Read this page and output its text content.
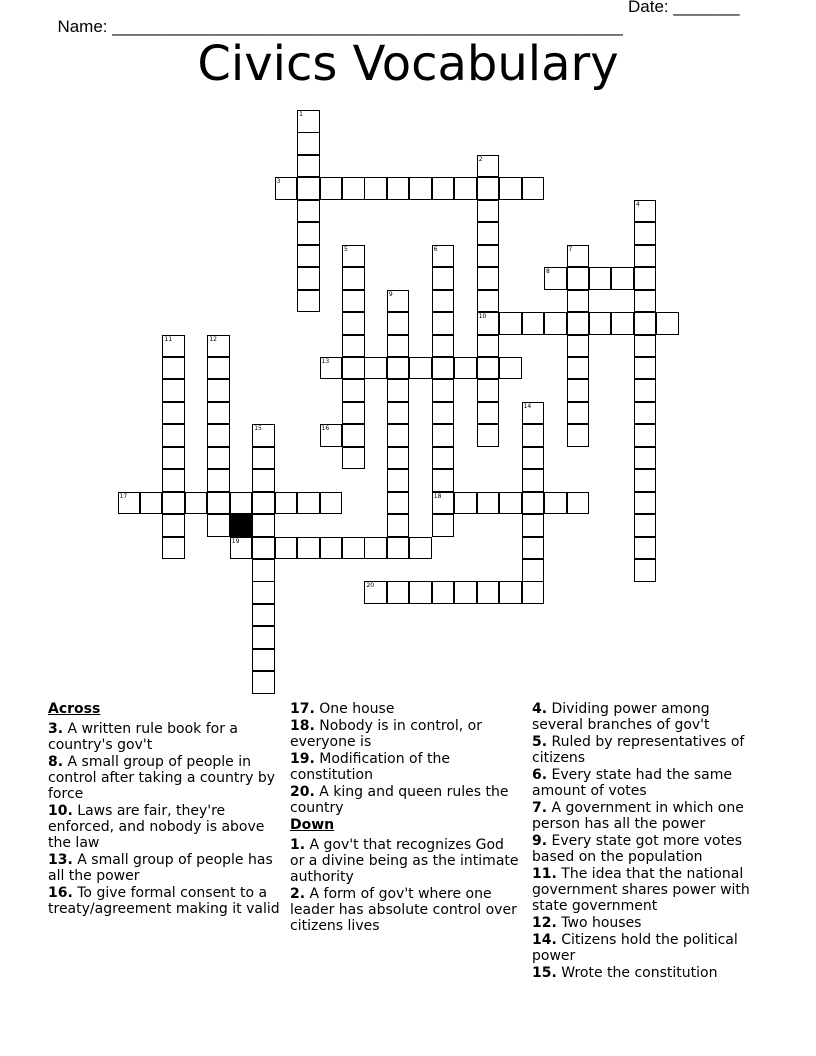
Name: ______________________________________________________

Date: _______

Civics Vocabulary
1
2
10
3
4
5	6
18
7
8
9
11	12
13
14
15	16
17
19
20
Across
3. A written rule book for a country's gov't
8. A small group of people in control after taking a country by force
10. Laws are fair, they're enforced, and nobody is above the law
13. A small group of people has all the power
16. To give formal consent to a treaty/agreement making it valid
17. One house
18. Nobody is in control, or everyone is
19. Modification of the constitution
20. A king and queen rules the country
Down
1. A gov't that recognizes God or a divine being as the intimate authority
2. A form of gov't where one leader has absolute control over citizens lives
4. Dividing power among several branches of gov't
5. Ruled by representatives of citizens
6. Every state had the same amount of votes
7. A government in which one person has all the power
9. Every state got more votes based on the population
11. The idea that the national government shares power with state government
12. Two houses
14. Citizens hold the political power
15. Wrote the constitution
